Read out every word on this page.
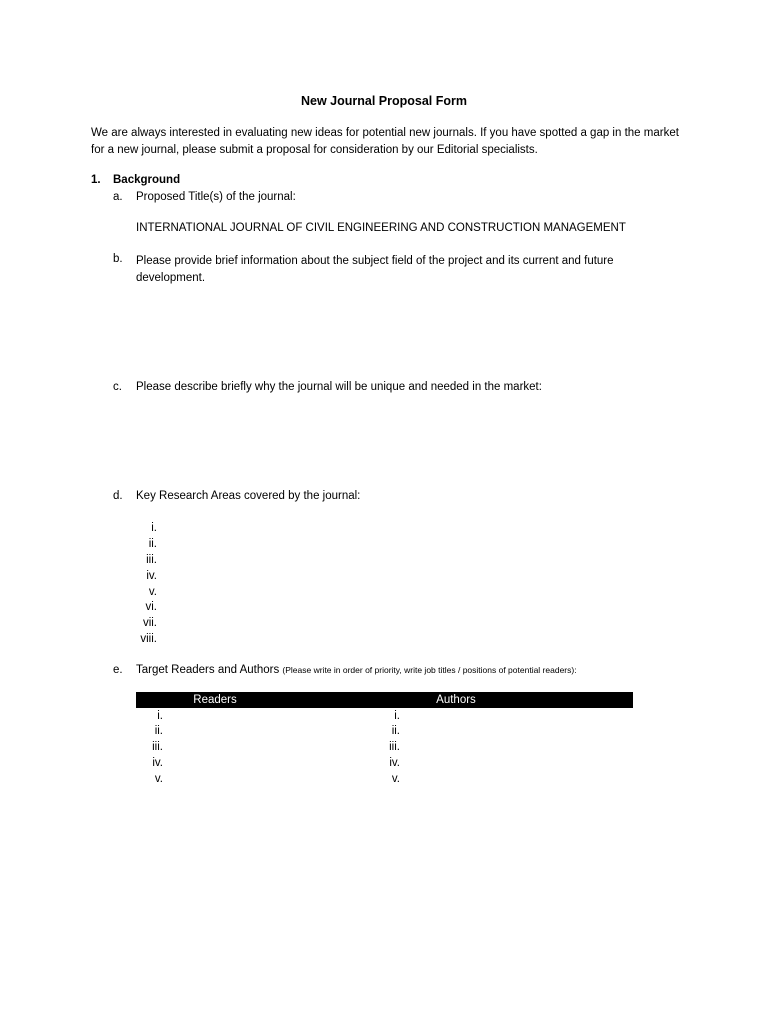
New Journal Proposal Form
We are always interested in evaluating new ideas for potential new journals. If you have spotted a gap in the market for a new journal, please submit a proposal for consideration by our Editorial specialists.
1. Background
a. Proposed Title(s) of the journal:
INTERNATIONAL JOURNAL OF CIVIL ENGINEERING AND CONSTRUCTION MANAGEMENT
b. Please provide brief information about the subject field of the project and its current and future development.
c. Please describe briefly why the journal will be unique and needed in the market:
d. Key Research Areas covered by the journal:
i.
ii.
iii.
iv.
v.
vi.
vii.
viii.
e. Target Readers and Authors (Please write in order of priority, write job titles / positions of potential readers):
Readers	Authors
i.
ii.
iii.
iv.
v.
i.
ii.
iii.
iv.
v.
